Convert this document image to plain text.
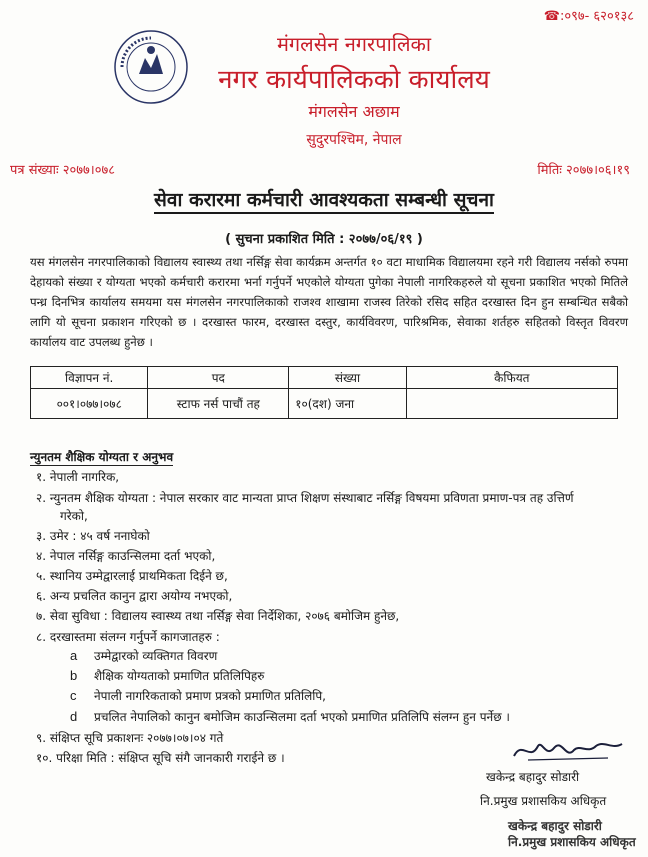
☎:०९७- ६२०१३८
मंगलसेन नगरपालिका
नगर कार्यपालिकको कार्यालय
मंगलसेन अछाम
सुदुरपश्चिम, नेपाल
पत्र संख्याः २०७७।०७८	मितिः २०७७।०६।१९
सेवा करारमा कर्मचारी आवश्यकता सम्बन्धी सूचना
( सुचना प्रकाशित मिति : २०७७/०६/१९ )
यस मंगलसेन नगरपालिकाको विद्यालय स्वास्थ्य तथा नर्सिङ्ग सेवा कार्यक्रम अन्तर्गत १० वटा माधामिक विद्यालयमा रहने गरी विद्यालय नर्सको रुपमा देहायको संख्या र योग्यता भएको कर्मचारी करारमा भर्ना गर्नुपर्ने भएकोले योग्यता पुगेका नेपाली नागरिकहरुले यो सूचना प्रकाशित भएको मितिले पन्ध्र दिनभित्र कार्यालय समयमा यस मंगलसेन नगरपालिकाको राजश्व शाखामा राजस्व तिरेको रसिद सहित दरखास्त दिन हुन सम्बन्धित सबैको लागि यो सूचना प्रकाशन गरिएको छ । दरखास्त फारम, दरखास्त दस्तुर, कार्यविवरण, पारिश्रमिक, सेवाका शर्तहरु सहितको विस्तृत विवरण कार्यालय वाट उपलब्ध हुनेछ ।
विज्ञापन नं.	पद	संख्या	कैफियत
००१।०७७।०७८	स्टाफ नर्स पाचौं तह	१०(दश) जना	
न्युनतम शैक्षिक योग्यता र अनुभव
१. नेपाली नागरिक,
२. न्युनतम शैक्षिक योग्यता : नेपाल सरकार वाट मान्यता प्राप्त शिक्षण संस्थाबाट नर्सिङ्ग विषयमा प्रविणता प्रमाण-पत्र तह उत्तिर्ण
गरेको,
३. उमेर : ४५ वर्ष ननाघेको
४. नेपाल नर्सिङ्ग काउन्सिलमा दर्ता भएको,
५. स्थानिय उम्मेद्वारलाई प्राथमिकता दिईने छ,
६. अन्य प्रचलित कानुन द्वारा अयोग्य नभएको,
७. सेवा सुविधा : विद्यालय स्वास्थ्य तथा नर्सिङ्ग सेवा निर्देशिका, २०७६ बमोजिम हुनेछ,
८. दरखास्तमा संलग्न गर्नुपर्ने कागजातहरु :
a उम्मेद्वारको व्यक्तिगत विवरण
b शैक्षिक योग्यताको प्रमाणित प्रतिलिपिहरु
c नेपाली नागरिकताको प्रमाण प्रत्रको प्रमाणित प्रतिलिपि,
d प्रचलित नेपालिको कानुन बमोजिम काउन्सिलमा दर्ता भएको प्रमाणित प्रतिलिपि संलग्न हुन पर्नेछ ।
९. संक्षिप्त सूचि प्रकाशनः २०७७।०७।०४ गते
१०. परिक्षा मिति : संक्षिप्त सूचि संगै जानकारी गराईने छ ।
खकेन्द्र बहादुर सोडारी
नि.प्रमुख प्रशासकिय अधिकृत
खकेन्द्र बहादुर सोडारी
नि.प्रमुख प्रशासकिय अधिकृत
